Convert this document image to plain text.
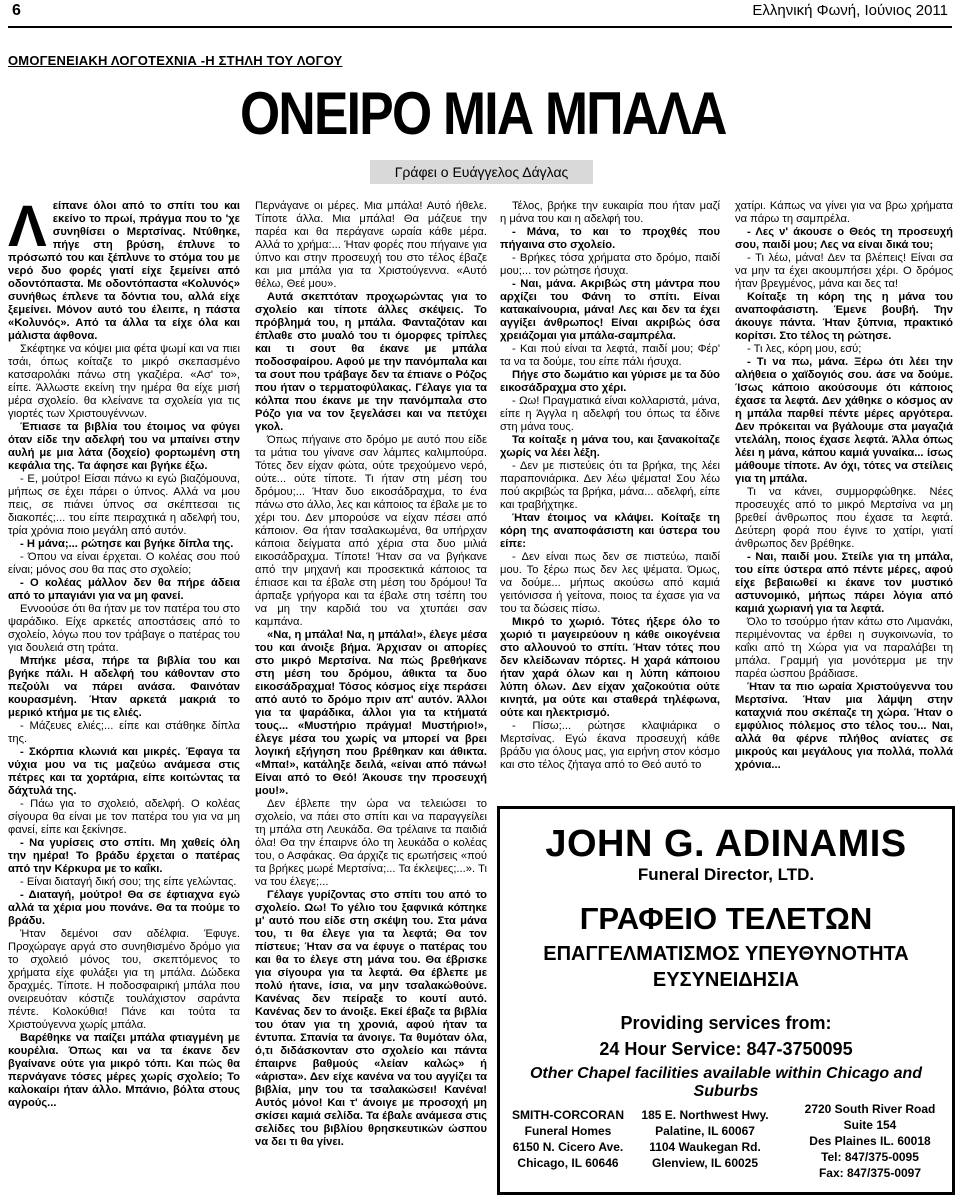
6	Ελληνική Φωνή, Ιούνιος 2011
ΟΜΟΓΕΝΕΙΑΚΗ ΛΟΓΟΤΕΧΝΙΑ -Η ΣΤΗΛΗ ΤΟΥ ΛΟΓΟΥ
ΟΝΕΙΡΟ ΜΙΑ ΜΠΑΛΑ
Γράφει ο Ευάγγελος Δάγλας
Λ είπανε όλοι από το σπίτι του και εκείνο το πρωί, πράγμα που το 'χε συνηθίσει ο Μερτσίνας. Ντύθηκε, πήγε στη βρύση, έπλυνε το πρόσωπό του και ξέπλυνε το στόμα του με νερό δυο φορές γιατί είχε ξεμείνει από οδοντόπαστα. Με οδοντόπαστα «Κολυνός» συνήθως έπλενε τα δόντια του, αλλά είχε ξεμείνει. Μόνον αυτό του έλειπε, η πάστα «Κολυνός». Από τα άλλα τα είχε όλα και μάλιστα άφθονα.

Σκέφτηκε να κόψει μια φέτα ψωμί και να πιει τσάι, όπως κοίταζε το μικρό σκεπασμένο κατσαρολάκι πάνω στη γκαζιέρα. «Ασ' το», είπε. Άλλωστε εκείνη την ημέρα θα είχε μισή μέρα σχολείο. θα κλείνανε τα σχολεία για τις γιορτές των Χριστουγέννων.

Έπιασε τα βιβλία του έτοιμος να φύγει όταν είδε την αδελφή του να μπαίνει στην αυλή με μια λάτα (δοχείο) φορτωμένη στη κεφάλια της. Τα άφησε και βγήκε έξω.

- Ε, μούτρο! Είσαι πάνω κι εγώ βιαζόμουνα, μήπως σε έχει πάρει ο ύπνος. Αλλά να μου πεις, σε πιάνει ύπνος σα σκέπτεσαι τις διακοπές;... του είπε πειραχτικά η αδελφή του, τρία χρόνια ποιο μεγάλη από αυτόν.

- Η μάνα;... ρώτησε και βγήκε δίπλα της.

- Όπου να είναι έρχεται. Ο κολέας σου πού είναι; μόνος σου θα πας στο σχολείο;

- Ο κολέας μάλλον δεν θα πήρε άδεια από το μπαγιάνι για να μη φανεί.

Εννοούσε ότι θα ήταν με τον πατέρα του στο ψαράδικο. Είχε αρκετές αποστάσεις από το σχολείο, λόγω που τον τράβαγε ο πατέρας του για δουλειά στη τράτα.

Μπήκε μέσα, πήρε τα βιβλία του και βγήκε πάλι. Η αδελφή του κάθονταν στο πεζούλι να πάρει ανάσα. Φαινόταν κουρασμένη. Ήταν αρκετά μακριά το μερικό κτήμα με τις ελιές.

- Μάζευες ελιές;... είπε και στάθηκε δίπλα της.

- Σκόρπια κλωνιά και μικρές. Έφαγα τα νύχια μου να τις μαζεύω ανάμεσα στις πέτρες και τα χορτάρια, είπε κοιτώντας τα δάχτυλά της.

- Πάω για το σχολειό, αδελφή. Ο κολέας σίγουρα θα είναι με τον πατέρα του για να μη φανεί, είπε και ξεκίνησε.

- Να γυρίσεις στο σπίτι. Μη χαθείς όλη την ημέρα! Το βράδυ έρχεται ο πατέρας από την Κέρκυρα με το καΐκι.

- Είναι διαταγή δική σου; της είπε γελώντας.

- Διαταγή, μούτρο! Θα σε έφτιαχνα εγώ αλλά τα χέρια μου πονάνε. Θα τα πούμε το βράδυ.

Ήταν δεμένοι σαν αδέλφια. Έφυγε. Προχώραγε αργά στο συνηθισμένο δρόμο για το σχολειό μόνος του, σκεπτόμενος το χρήματα είχε φυλάξει για τη μπάλα. Δώδεκα δραχμές. Τίποτε. Η ποδοσφαιρική μπάλα που ονειρευόταν κόστιζε τουλάχιστον σαράντα πέντε. Κολοκύθια! Πάνε και τούτα τα Χριστούγεννα χωρίς μπάλα.

Βαρέθηκε να παίζει μπάλα φτιαγμένη με κουρέλια. Όπως και να τα έκανε δεν βγαίνανε ούτε για μικρό τόπι. Και πώς θα περνάγανε τόσες μέρες χωρίς σχολείο; Το καλοκαίρι ήταν άλλο. Μπάνιο, βόλτα στους αγρούς...

Περνάγανε οι μέρες. Μια μπάλα! Αυτό ήθελε. Τίποτε άλλα. Μια μπάλα! Θα μάζευε την παρέα και θα περάγανε ωραία κάθε μέρα. Αλλά το χρήμα:... Ήταν φορές που πήγαινε για ύπνο και στην προσευχή του στο τέλος έβαζε και μια μπάλα για τα Χριστούγεννα. «Αυτό θέλω, Θεέ μου».

Αυτά σκεπτόταν προχωρώντας για το σχολείο και τίποτε άλλες σκέψεις. Το πρόβλημά του, η μπάλα. Φανταζόταν και έπλαθε στο μυαλό του τι όμορφες τρίπλες και τι σουτ θα έκανε με μπάλα ποδοσφαίρου. Αφού με την πανόμπαλα και τα σουτ που τράβαγε δεν τα έπιανε ο Ρόζος που ήταν ο τερματοφύλακας. Γέλαγε για τα κόλπα που έκανε με την πανόμπαλα στο Ρόζο για να τον ξεγελάσει και να πετύχει γκολ.

Όπως πήγαινε στο δρόμο με αυτό που είδε τα μάτια του γίνανε σαν λάμπες καλιμπούρα. Τότες δεν είχαν φώτα, ούτε τρεχούμενο νερό, ούτε... ούτε τίποτε. Τι ήταν στη μέση του δρόμου;... Ήταν δυο εικοσάδραχμα, το ένα πάνω στο άλλο, λες και κάποιος τα έβαλε με το χέρι του. Δεν μπορούσε να είχαν πέσει από κάποιον. Θα ήταν τσαλακωμένα, θα υπήρχαν κάποια δείγματα από χέρια στα δυο μιλιά εικοσάδραχμα. Τίποτε! Ήταν σα να βγήκανε από την μηχανή και προσεκτικά κάποιος τα έπιασε και τα έβαλε στη μέση του δρόμου! Τα άρπαξε γρήγορα και τα έβαλε στη τσέπη του να μη την καρδιά του να χτυπάει σαν καμπάνα.

«Να, η μπάλα! Να, η μπάλα!», έλεγε μέσα του και άνοιξε βήμα. Άρχισαν οι απορίες στο μικρό Μερτσίνα. Να πώς βρεθήκανε στη μέση του δρόμου, άθικτα τα δυο εικοσάδραχμα! Τόσος κόσμος είχε περάσει από αυτό το δρόμο πριν απ' αυτόν. Άλλοι για τα ψαράδικα, άλλοι για τα κτήματά τους... «Μυστήριο πράγμα! Μυστήριο!», έλεγε μέσα του χωρίς να μπορεί να βρει λογική εξήγηση που βρέθηκαν και άθικτα. «Μπα!», κατάληξε δειλά, «είναι από πάνω! Είναι από το Θεό! Άκουσε την προσευχή μου!».

Δεν έβλεπε την ώρα να τελειώσει το σχολείο, να πάει στο σπίτι και να παραγγείλει τη μπάλα στη Λευκάδα. Θα τρέλαινε τα παιδιά όλα! Θα την έπαιρνε όλο τη λευκάδα ο κολέας του, ο Ασφάκας. Θα άρχιζε τις ερωτήσεις «πού τα βρήκες μωρέ Μερτσίνα;... Τα έκλεψες;...». Τι να του έλεγε;...

Γέλαγε γυρίζοντας στο σπίτι του από το σχολείο. Ωω! Το γέλιο του ξαφνικά κόπηκε μ' αυτό που είδε στη σκέψη του. Στα μάνα του, τι θα έλεγε για τα λεφτά; Θα τον πίστευε; Ήταν σα να έφυγε ο πατέρας του και θα το έλεγε στη μάνα του. Θα έβρισκε για σίγουρα για τα λεφτά. Θα έβλεπε με πολύ ήτανε, ίσια, να μην τσαλακώθούνε. Κανένας δεν πείραξε το κουτί αυτό. Κανένας δεν το άνοιξε. Εκεί έβαζε τα βιβλία του όταν για τη χρονιά, αφού ήταν τα έντυπα. Σπανία τα άνοιγε. Τα θυμόταν όλα, ό,τι διδάσκονταν στο σχολείο και πάντα έπαιρνε βαθμούς «λείαν καλώς» ή «άριστα». Δεν είχε κανένα να του αγγίζει τα βιβλία, μην του τα τσαλακώσει! Κανένα! Αυτός μόνο! Και τ' άνοιγε με προσοχή μη σκίσει καμιά σελίδα. Τα έβαλε ανάμεσα στις σελίδες του βιβλίου θρησκευτικών ώσπου να δει τι θα γίνει.

Τέλος, βρήκε την ευκαιρία που ήταν μαζί η μάνα του και η αδελφή του.

- Μάνα, το και το προχθές που πήγαινα στο σχολείο.

- Βρήκες τόσα χρήματα στο δρόμο, παιδί μου;... τον ρώτησε ήσυχα.

- Ναι, μάνα. Ακριβώς στη μάντρα που αρχίζει του Φάνη το σπίτι. Είναι κατακαίνουρια, μάνα! Λες και δεν τα έχει αγγίξει άνθρωπος! Είναι ακριβώς όσα χρειάζομαι για μπάλα-σαμπρέλα.

- Και πού είναι τα λεφτά, παιδί μου; Φέρ' τα να τα δούμε, του είπε πάλι ήσυχα.

Πήγε στο δωμάτιο και γύρισε με τα δύο εικοσάδραχμα στο χέρι.

- Ωω! Πραγματικά είναι κολλαριστά, μάνα, είπε η Άγγλα η αδελφή του όπως τα έδινε στη μάνα τους.

Τα κοίταξε η μάνα του, και ξανακοίταζε χωρίς να λέει λέξη.

- Δεν με πιστεύεις ότι τα βρήκα, της λέει παραπονιάρικα. Δεν λέω ψέματα! Σου λέω πού ακριβώς τα βρήκα, μάνα... αδελφή, είπε και τραβήχτηκε.

Ήταν έτοιμος να κλάψει. Κοίταξε τη κόρη της αναποφάσιστη και ύστερα του είπε:

- Δεν είναι πως δεν σε πιστεύω, παιδί μου. Το ξέρω πως δεν λες ψέματα. Όμως, να δούμε... μήπως ακούσω από καμιά γειτόνισσα ή γείτονα, ποιος τα έχασε για να του τα δώσεις πίσω.

Μικρό το χωριό. Τότες ήξερε όλο το χωριό τι μαγειρεύουν η κάθε οικογένεια στο αλλουνού το σπίτι. Ήταν τότες που δεν κλείδωναν πόρτες. Η χαρά κάποιου ήταν χαρά όλων και η λύπη κάποιου λύπη όλων. Δεν είχαν χαζοκούτια ούτε κινητά, μα ούτε και σταθερά τηλέφωνα, ούτε και ηλεκτρισμό.

- Πίσω;... ρώτησε κλαψιάρικα ο Μερτσίνας. Εγώ έκανα προσευχή κάθε βράδυ για όλους μας, για ειρήνη στον κόσμο και στο τέλος ζήταγα από το Θεό αυτό το

χατίρι. Κάπως να γίνει για να βρω χρήματα να πάρω τη σαμπρέλα.

- Λες ν' άκουσε ο Θεός τη προσευχή σου, παιδί μου; Λες να είναι δικά του;

- Τι λέω, μάνα! Δεν τα βλέπεις! Είναι σα να μην τα έχει ακουμπήσει χέρι. Ο δρόμος ήταν βρεγμένος, μάνα και δες τα!

Κοίταξε τη κόρη της η μάνα του αναποφάσιστη. Έμενε βουβή. Την άκουγε πάντα. Ήταν ξύπνια, πρακτικό κορίτσι. Στο τέλος τη ρώτησε.

- Τι λες, κόρη μου, εσύ;

- Τι να πω, μάνα. Ξέρω ότι λέει την αλήθεια ο χαϊδογιός σου. άσε να δούμε. Ίσως κάποιο ακούσουμε ότι κάποιος έχασε τα λεφτά. Δεν χάθηκε ο κόσμος αν η μπάλα παρθεί πέντε μέρες αργότερα. Δεν πρόκειται να βγάλουμε στα μαγαζιά ντελάλη, ποιος έχασε λεφτά. Άλλα όπως λέει η μάνα, κάπου καμιά γυναίκα... ίσως μάθουμε τίποτε. Αν όχι, τότες να στείλεις για τη μπάλα.

Τι να κάνει, συμμορφώθηκε. Νέες προσευχές από το μικρό Μερτσίνα να μη βρεθεί άνθρωπος που έχασε τα λεφτά. Δεύτερη φορά που έγινε το χατίρι, γιατί άνθρωπος δεν βρέθηκε.

- Ναι, παιδί μου. Στείλε για τη μπάλα, του είπε ύστερα από πέντε μέρες, αφού είχε βεβαιωθεί κι έκανε τον μυστικό αστυνομικό, μήπως πάρει λόγια από καμιά χωριανή για τα λεφτά.

Όλο το τσούρμο ήταν κάτω στο Λιμανάκι, περιμένοντας να έρθει η συγκοινωνία, το καΐκι από τη Χώρα για να παραλάβει τη μπάλα. Γραμμή για μονότερμα με την παρέα ώσπου βράδιασε.

Ήταν τα πιο ωραία Χριστούγεννα του Μερτσίνα. Ήταν μια λάμψη στην καταχνιά που σκέπαζε τη χώρα. Ήταν ο εμφύλιος πόλεμος στο τέλος του... Ναι, αλλά θα φέρνε πλήθος ανίατες σε μικρούς και μεγάλους για πολλά, πολλά χρόνια...

JOHN G. ADINAMIS
Funeral Director, LTD.
ΓΡΑΦΕΙΟ ΤΕΛΕΤΩΝ
ΕΠΑΓΓΕΛΜΑΤΙΣΜΟΣ ΥΠΕΥΘΥΝΟΤΗΤΑ
ΕΥΣΥΝΕΙΔΗΣΙΑ
Providing services from:
24 Hour Service: 847-3750095
Other Chapel facilities available within Chicago and Suburbs
SMITH-CORCORAN
Funeral Homes
6150 N. Cicero Ave.
Chicago, IL 60646
185 E. Northwest Hwy.
Palatine, IL 60067
1104 Waukegan Rd.
Glenview, IL 60025
2720 South River Road
Suite 154
Des Plaines IL. 60018
Tel: 847/375-0095
Fax: 847/375-0097
